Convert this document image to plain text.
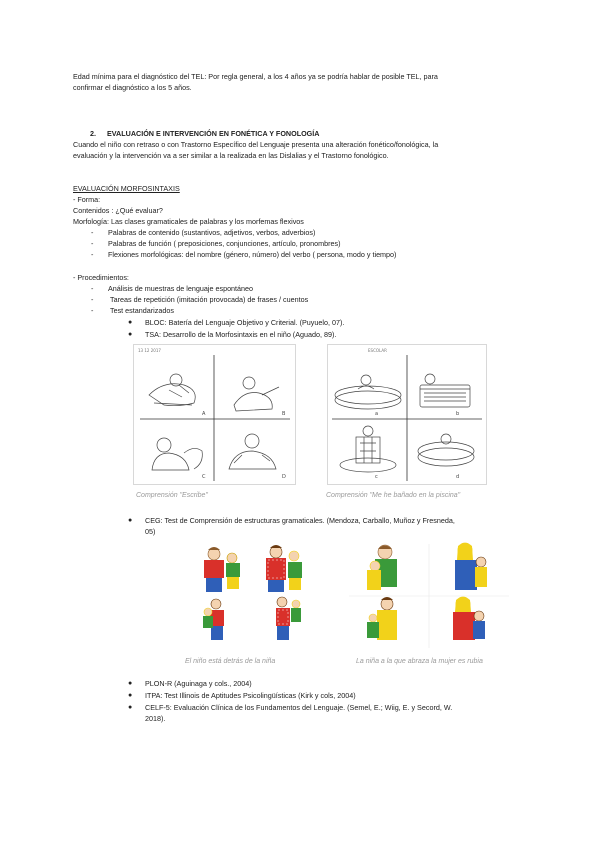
Edad mínima para el diagnóstico del TEL: Por regla general, a los 4 años ya se podría hablar de posible TEL, para
confirmar el diagnóstico a los 5 años.
2. EVALUACIÓN E INTERVENCIÓN EN FONÉTICA Y FONOLOGÍA
Cuando el niño con retraso o con Trastorno Específico del Lenguaje presenta una alteración fonético/fonológica, la
evaluación y la intervención va a ser similar a la realizada en las Dislalias y el Trastorno fonológico.
EVALUACIÓN MORFOSINTAXIS
- Forma:
Contenidos : ¿Qué evaluar?
Morfología: Las clases gramaticales de palabras y los morfemas flexivos
- Palabras de contenido (sustantivos, adjetivos, verbos, adverbios)
- Palabras de función ( preposiciones, conjunciones, artículo, pronombres)
- Flexiones morfológicas: del nombre (género, número) del verbo ( persona, modo y tiempo)
- Procedimientos:
- Análisis de muestras de lenguaje espontáneo
- Tareas de repetición (imitación provocada) de frases / cuentos
- Test estandarizados
● BLOC: Batería del Lenguaje Objetivo y Criterial. (Puyuelo, 07).
● TSA: Desarrollo de la Morfosintaxis en el niño (Aguado, 89).
13 12 2017
A	B
C	D
ESCOLAR
a	b
c	d
Comprensión "Escribe"	Comprensión "Me he bañado en la piscina"
● CEG: Test de Comprensión de estructuras gramaticales. (Mendoza, Carballo, Muñoz y Fresneda,
05)
El niño está detrás de la niña	La niña a la que abraza la mujer es rubia
● PLON-R (Aguinaga y cols., 2004)
● ITPA: Test Illinois de Aptitudes Psicolingüísticas (Kirk y cols, 2004)
● CELF-5: Evaluación Clínica de los Fundamentos del Lenguaje. (Semel, E.; Wiig, E. y Secord, W.
2018).
